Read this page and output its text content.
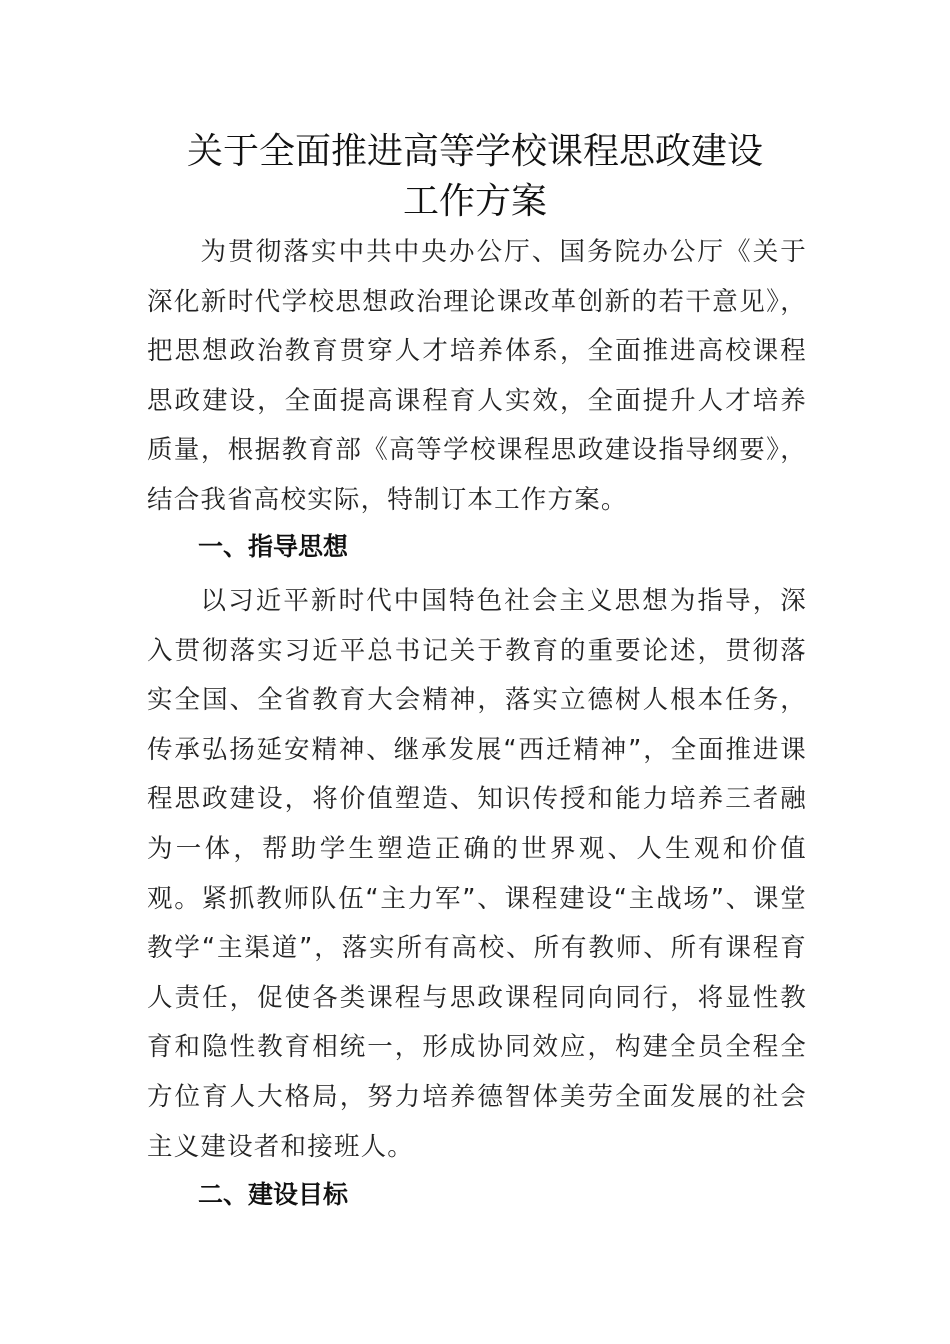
关于全面推进高等学校课程思政建设
工作方案

为贯彻落实中共中央办公厅、国务院办公厅《关于深化新时代学校思想政治理论课改革创新的若干意见》，把思想政治教育贯穿人才培养体系，全面推进高校课程思政建设，全面提高课程育人实效，全面提升人才培养质量，根据教育部《高等学校课程思政建设指导纲要》，结合我省高校实际，特制订本工作方案。

一、指导思想

以习近平新时代中国特色社会主义思想为指导，深入贯彻落实习近平总书记关于教育的重要论述，贯彻落实全国、全省教育大会精神，落实立德树人根本任务，传承弘扬延安精神、继承发展“西迁精神”，全面推进课程思政建设，将价值塑造、知识传授和能力培养三者融为一体，帮助学生塑造正确的世界观、人生观和价值观。紧抓教师队伍“主力军”、课程建设“主战场”、课堂教学“主渠道”，落实所有高校、所有教师、所有课程育人责任，促使各类课程与思政课程同向同行，将显性教育和隐性教育相统一，形成协同效应，构建全员全程全方位育人大格局，努力培养德智体美劳全面发展的社会主义建设者和接班人。

二、建设目标
